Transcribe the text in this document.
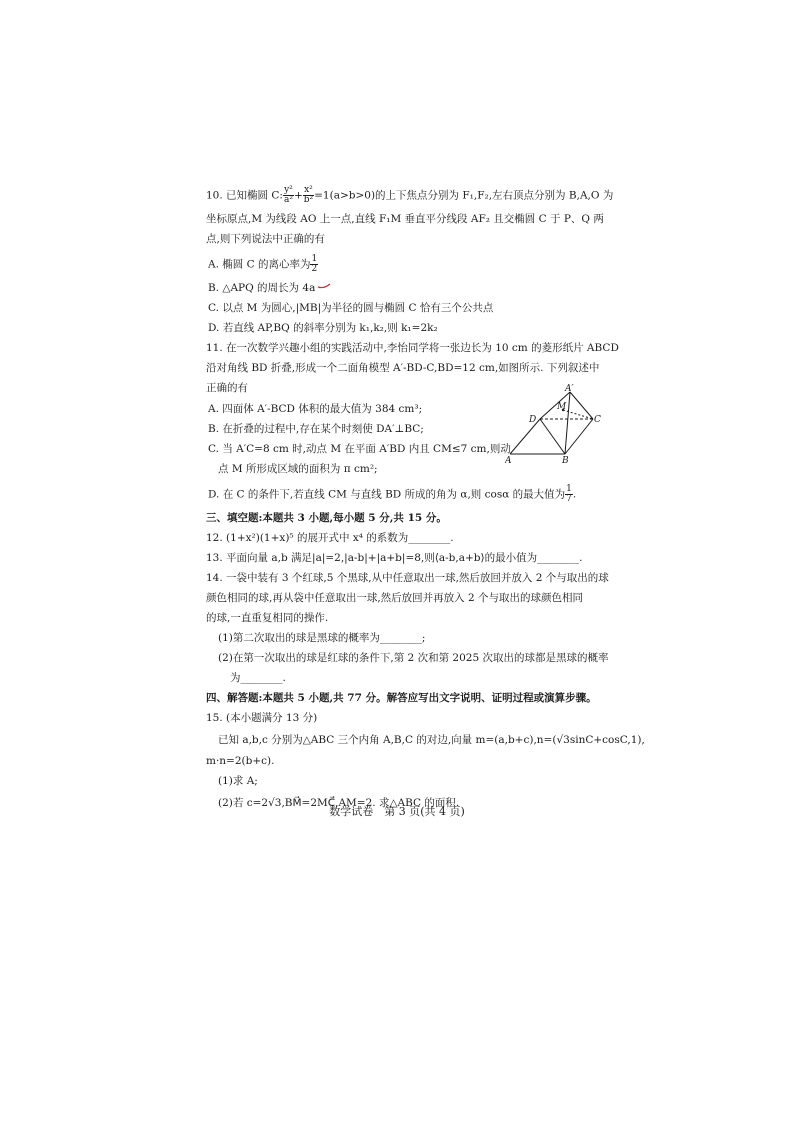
10. 已知椭圆 C: $\frac{\text{y²}}{\text{a²}} + \frac{\text{x²}}{\text{b²}} =1(a>b>0)$的上下焦点分别为 F₁,F₂,左右顶点分别为 B,A,O 为
坐标原点,M 为线段 AO 上一点,直线 F₁M 垂直平分线段 AF₂ 且交椭圆 C 于 P、Q 两
点,则下列说法中正确的有
A. 椭圆 C 的离心率为 $\frac{1}{2}$
B. △APQ 的周长为 4a
C. 以点 M 为圆心,|MB|为半径的圆与椭圆 C 恰有三个公共点
D. 若直线 AP,BQ 的斜率分别为 k₁,k₂,则 k₁=2k₂
11. 在一次数学兴趣小组的实践活动中,李怡同学将一张边长为 10 cm 的菱形纸片 ABCD
沿对角线 BD 折叠,形成一个二面角模型 A′-BD-C,BD=12 cm,如图所示. 下列叙述中
正确的有
A. 四面体 A′-BCD 体积的最大值为 384 cm³;
B. 在折叠的过程中,存在某个时刻使 DA′⊥BC;
C. 当 A′C=8 cm 时,动点 M 在平面 A′BD 内且 CM≤7 cm,则动
点 M 所形成区域的面积为 π cm²;
D. 在 C 的条件下,若直线 CM 与直线 BD 所成的角为 α,则 cosα 的最大值为 $\frac{1}{7}$ .
三、填空题:本题共 3 小题,每小题 5 分,共 15 分。
12. (1+x²)(1+x)⁵ 的展开式中 x⁴ 的系数为________.
13. 平面向量 a,b 满足|a|=2,|a-b|+|a+b|=8,则⟨a-b,a+b⟩的最小值为________.
14. 一袋中装有 3 个红球,5 个黑球,从中任意取出一球,然后放回并放入 2 个与取出的球
颜色相同的球,再从袋中任意取出一球,然后放回并再放入 2 个与取出的球颜色相同
的球,一直重复相同的操作.
(1)第二次取出的球是黑球的概率为________;
(2)在第一次取出的球是红球的条件下,第 2 次和第 2025 次取出的球都是黑球的概率
为________.
四、解答题:本题共 5 小题,共 77 分。解答应写出文字说明、证明过程或演算步骤。
15. (本小题满分 13 分)
已知 a,b,c 分别为△ABC 三个内角 A,B,C 的对边,向量 m=(a,b+c),n=(√3sinC+cosC,1),
m·n=2(b+c).
(1)求 A;
(2)若 c=2√3,BM⃗=2MC⃗,AM=2. 求△ABC 的面积.
A′
M
D	C
A	B
数学试卷　第 3 页(共 4 页)
